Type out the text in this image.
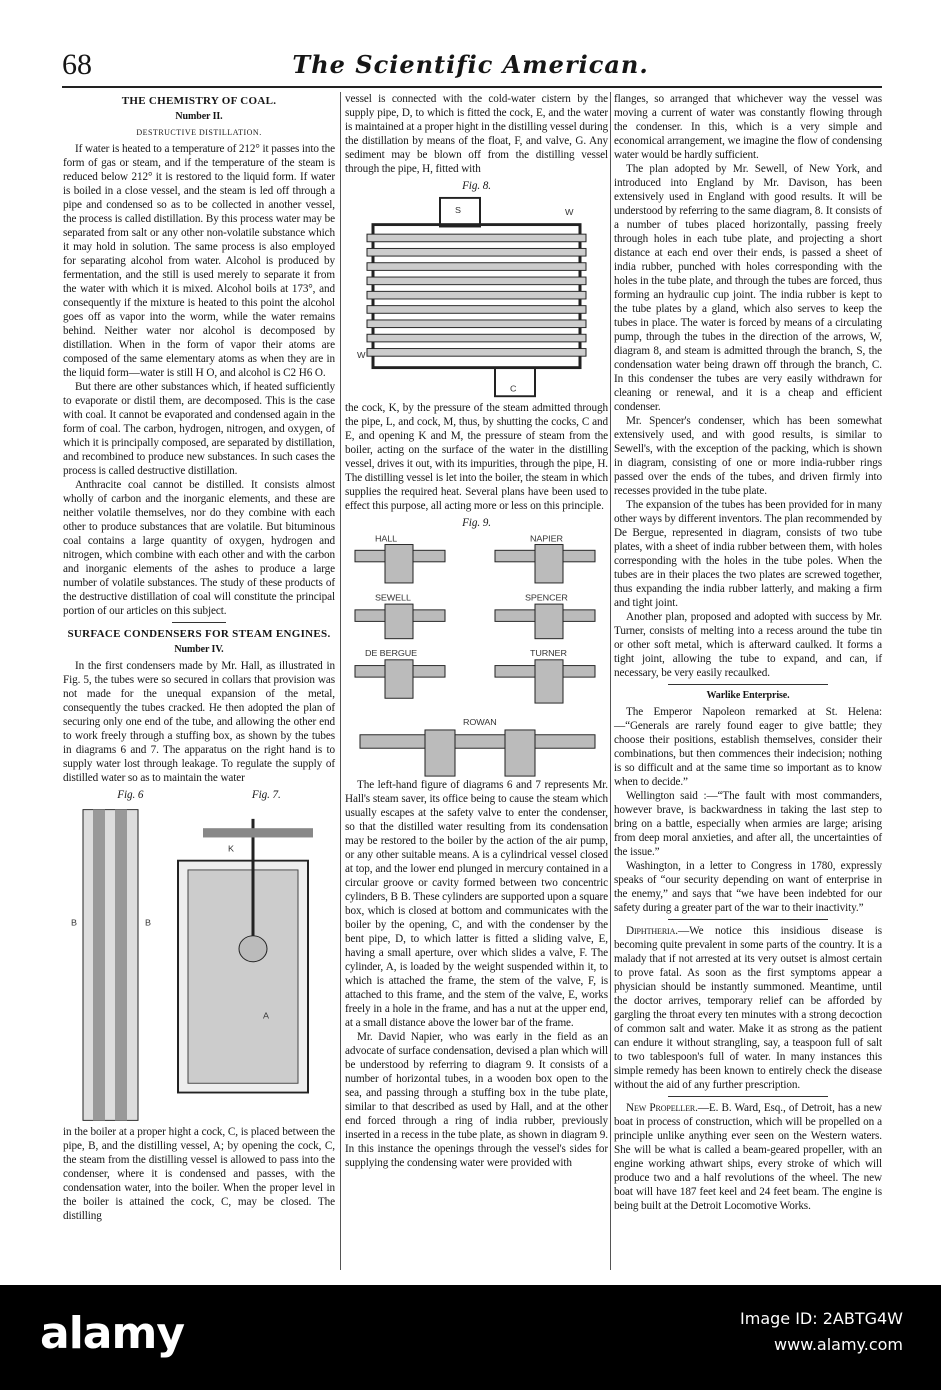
68	The Scientific American.
THE CHEMISTRY OF COAL.
Number II.
DESTRUCTIVE DISTILLATION.

If water is heated to a temperature of 212° it passes into the form of gas or steam, and if the temperature of the steam is reduced below 212° it is restored to the liquid form. If water is boiled in a close vessel, and the steam is led off through a pipe and condensed so as to be collected in another vessel, the process is called distillation. By this process water may be separated from salt or any other non-volatile substance which it may hold in solution. The same process is also employed for separating alcohol from water. Alcohol is produced by fermentation, and the still is used merely to separate it from the water with which it is mixed. Alcohol boils at 173°, and consequently if the mixture is heated to this point the alcohol goes off as vapor into the worm, while the water remains behind. Neither water nor alcohol is decomposed by distillation. When in the form of vapor their atoms are composed of the same elementary atoms as when they are in the liquid form—water is still H O, and alcohol is C2 H6 O.

But there are other substances which, if heated sufficiently to evaporate or distil them, are decomposed. This is the case with coal. It cannot be evaporated and condensed again in the form of coal. The carbon, hydrogen, nitrogen, and oxygen, of which it is principally composed, are separated by distillation, and recombined to produce new substances. In such cases the process is called destructive distillation.

Anthracite coal cannot be distilled. It consists almost wholly of carbon and the inorganic elements, and these are neither volatile themselves, nor do they combine with each other to produce substances that are volatile. But bituminous coal contains a large quantity of oxygen, hydrogen and nitrogen, which combine with each other and with the carbon and inorganic elements of the ashes to produce a large number of volatile substances. The study of these products of the destructive distillation of coal will constitute the principal portion of our articles on this subject.

SURFACE CONDENSERS FOR STEAM ENGINES.
Number IV.

In the first condensers made by Mr. Hall, as illustrated in Fig. 5, the tubes were so secured in collars that provision was not made for the unequal expansion of the metal, consequently the tubes cracked. He then adopted the plan of securing only one end of the tube, and allowing the other end to work freely through a stuffing box, as shown by the tubes in diagrams 6 and 7. The apparatus on the right hand is to supply water lost through leakage. To regulate the supply of distilled water so as to maintain the water

Fig. 6	Fig. 7.
B	B
A
K

in the boiler at a proper hight a cock, C, is placed between the pipe, B, and the distilling vessel, A; by opening the cock, C, the steam from the distilling vessel is allowed to pass into the condenser, where it is condensed and passes, with the condensation water, into the boiler. When the proper level in the boiler is attained the cock, C, may be closed. The distilling

vessel is connected with the cold-water cistern by the supply pipe, D, to which is fitted the cock, E, and the water is maintained at a proper hight in the distilling vessel during the distillation by means of the float, F, and valve, G. Any sediment may be blown off from the distilling vessel through the pipe, H, fitted with

Fig. 8.
S	W
W
C

the cock, K, by the pressure of the steam admitted through the pipe, L, and cock, M, thus, by shutting the cocks, C and E, and opening K and M, the pressure of steam from the boiler, acting on the surface of the water in the distilling vessel, drives it out, with its impurities, through the pipe, H. The distilling vessel is let into the boiler, the steam in which supplies the required heat. Several plans have been used to effect this purpose, all acting more or less on this principle.

Fig. 9.
HALL	NAPIER
SEWELL	SPENCER
DE BERGUE	TURNER
ROWAN

The left-hand figure of diagrams 6 and 7 represents Mr. Hall's steam saver, its office being to cause the steam which usually escapes at the safety valve to enter the condenser, so that the distilled water resulting from its condensation may be restored to the boiler by the action of the air pump, or any other suitable means. A is a cylindrical vessel closed at top, and the lower end plunged in mercury contained in a circular groove or cavity formed between two concentric cylinders, B B. These cylinders are supported upon a square box, which is closed at bottom and communicates with the boiler by the opening, C, and with the condenser by the bent pipe, D, to which latter is fitted a sliding valve, E, having a small aperture, over which slides a valve, F. The cylinder, A, is loaded by the weight suspended within it, to which is attached the frame, the stem of the valve, F, is attached to this frame, and the stem of the valve, E, works freely in a hole in the frame, and has a nut at the upper end, at a small distance above the lower bar of the frame.

Mr. David Napier, who was early in the field as an advocate of surface condensation, devised a plan which will be understood by referring to diagram 9. It consists of a number of horizontal tubes, in a wooden box open to the sea, and passing through a stuffing box in the tube plate, similar to that described as used by Hall, and at the other end forced through a ring of india rubber, previously inserted in a recess in the tube plate, as shown in diagram 9. In this instance the openings through the vessel's sides for supplying the condensing water were provided with

flanges, so arranged that whichever way the vessel was moving a current of water was constantly flowing through the condenser. In this, which is a very simple and economical arrangement, we imagine the flow of condensing water would be hardly sufficient.

The plan adopted by Mr. Sewell, of New York, and introduced into England by Mr. Davison, has been extensively used in England with good results. It will be understood by referring to the same diagram, 8. It consists of a number of tubes placed horizontally, passing freely through holes in each tube plate, and projecting a short distance at each end over their ends, is passed a sheet of india rubber, punched with holes corresponding with the holes in the tube plate, and through the tubes are forced, thus forming an hydraulic cup joint. The india rubber is kept to the tube plates by a gland, which also serves to keep the tubes in place. The water is forced by means of a circulating pump, through the tubes in the direction of the arrows, W, diagram 8, and steam is admitted through the branch, S, the condensation water being drawn off through the branch, C. In this condenser the tubes are very easily withdrawn for cleaning or renewal, and it is a cheap and efficient condenser.

Mr. Spencer's condenser, which has been somewhat extensively used, and with good results, is similar to Sewell's, with the exception of the packing, which is shown in diagram, consisting of one or more india-rubber rings passed over the ends of the tubes, and driven firmly into recesses provided in the tube plate.

The expansion of the tubes has been provided for in many other ways by different inventors. The plan recommended by De Bergue, represented in diagram, consists of two tube plates, with a sheet of india rubber between them, with holes corresponding with the holes in the tube poles. When the tubes are in their places the two plates are screwed together, thus expanding the india rubber latterly, and making a firm and tight joint.

Another plan, proposed and adopted with success by Mr. Turner, consists of melting into a recess around the tube tin or other soft metal, which is afterward caulked. It forms a tight joint, allowing the tube to expand, and can, if necessary, be very easily recaulked.

Warlike Enterprise.

The Emperor Napoleon remarked at St. Helena:—“Generals are rarely found eager to give battle; they choose their positions, establish themselves, consider their combinations, but then commences their indecision; nothing is so difficult and at the same time so important as to know when to decide.”

Wellington said :—“The fault with most commanders, however brave, is backwardness in taking the last step to bring on a battle, especially when armies are large; arising from deep moral anxieties, and after all, the uncertainties of the issue.”

Washington, in a letter to Congress in 1780, expressly speaks of “our security depending on want of enterprise in the enemy,” and says that “we have been indebted for our safety during a greater part of the war to their inactivity.”

Diphtheria.—We notice this insidious disease is becoming quite prevalent in some parts of the country. It is a malady that if not arrested at its very outset is almost certain to prove fatal. As soon as the first symptoms appear a physician should be instantly summoned. Meantime, until the doctor arrives, temporary relief can be afforded by gargling the throat every ten minutes with a strong decoction of common salt and water. Make it as strong as the patient can endure it without strangling, say, a teaspoon full of salt to two tablespoon's full of water. In many instances this simple remedy has been known to entirely check the disease without the aid of any further prescription.

New Propeller.—E. B. Ward, Esq., of Detroit, has a new boat in process of construction, which will be propelled on a principle unlike anything ever seen on the Western waters. She will be what is called a beam-geared propeller, with an engine working athwart ships, every stroke of which will produce two and a half revolutions of the wheel. The new boat will have 187 feet keel and 24 feet beam. The engine is being built at the Detroit Locomotive Works.

alamy	Image ID: 2ABTG4W
www.alamy.com
